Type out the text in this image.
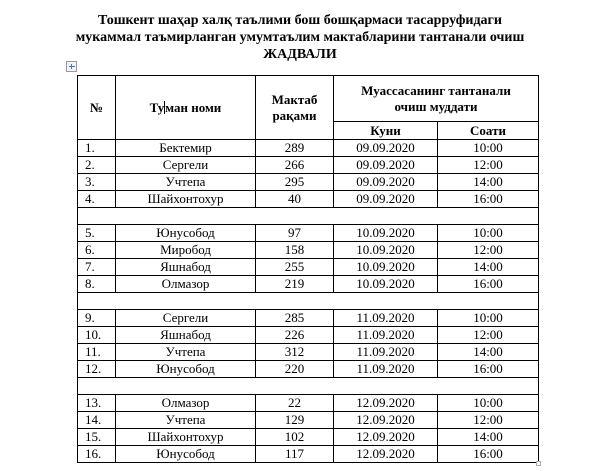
Тошкент шаҳар халқ таълими бош бошқармаси тасарруфидаги
мукаммал таъмирланган умумтаълим мактабларини тантанали очиш
ЖАДВАЛИ
№	Туман номи	Мактаб рақами	Муассасанинг тантанали
очиш муддати	

			Куни	Соати
1.	Бектемир	289	09.09.2020	10:00
2.	Сергели	266	09.09.2020	12:00
3.	Учтепа	295	09.09.2020	14:00
4.	Шайхонтохур	40	09.09.2020	16:00

5.	Юнусобод	97	10.09.2020	10:00
6.	Миробод	158	10.09.2020	12:00
7.	Яшнабод	255	10.09.2020	14:00
8.	Олмазор	219	10.09.2020	16:00

9.	Сергели	285	11.09.2020	10:00
10.	Яшнабод	226	11.09.2020	12:00
11.	Учтепа	312	11.09.2020	14:00
12.	Юнусобод	220	11.09.2020	16:00

13.	Олмазор	22	12.09.2020	10:00
14.	Учтепа	129	12.09.2020	12:00
15.	Шайхонтохур	102	12.09.2020	14:00
16.	Юнусобод	117	12.09.2020	16:00
